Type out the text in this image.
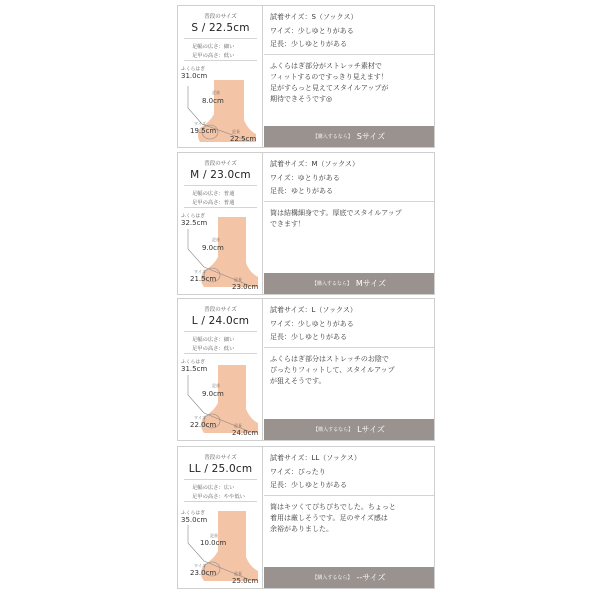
普段のサイズ
S / 22.5cm
足幅の広さ：細い
足甲の高さ：低い
ふくらはぎ
31.0cm
足首
8.0cm
ワイズ
19.5cm	足長
22.5cm
試着サイズ：S（ソックス）
ワイズ：少しゆとりがある
足長：少しゆとりがある
ふくらはぎ部分がストレッチ素材で
フィットするのですっきり見えます！
足がすらっと見えてスタイルアップが
期待できそうです◎
【購入するなら】 Sサイズ
普段のサイズ
M / 23.0cm
足幅の広さ：普通
足甲の高さ：普通
ふくらはぎ
32.5cm
足首
9.0cm
ワイズ
21.5cm	足長
23.0cm
試着サイズ：M（ソックス）
ワイズ：ゆとりがある
足長：ゆとりがある
筒は結構細身です。厚底でスタイルアップ
できます！
【購入するなら】 Mサイズ
普段のサイズ
L / 24.0cm
足幅の広さ：細い
足甲の高さ：低い
ふくらはぎ
31.5cm
足首
9.0cm
ワイズ
22.0cm	足長
24.0cm
試着サイズ：L（ソックス）
ワイズ：少しゆとりがある
足長：少しゆとりがある
ふくらはぎ部分はストレッチのお陰で
ぴったりフィットして、スタイルアップ
が狙えそうです。
【購入するなら】 Lサイズ
普段のサイズ
LL / 25.0cm
足幅の広さ：広い
足甲の高さ：やや低い
ふくらはぎ
35.0cm
足首
10.0cm
ワイズ
23.0cm	足長
25.0cm
試着サイズ：LL（ソックス）
ワイズ：ぴったり
足長：少しゆとりがある
筒はキツくてぴちぴちでした。ちょっと
着用は厳しそうです。足のサイズ感は
余裕がありました。
【購入するなら】 --サイズ
